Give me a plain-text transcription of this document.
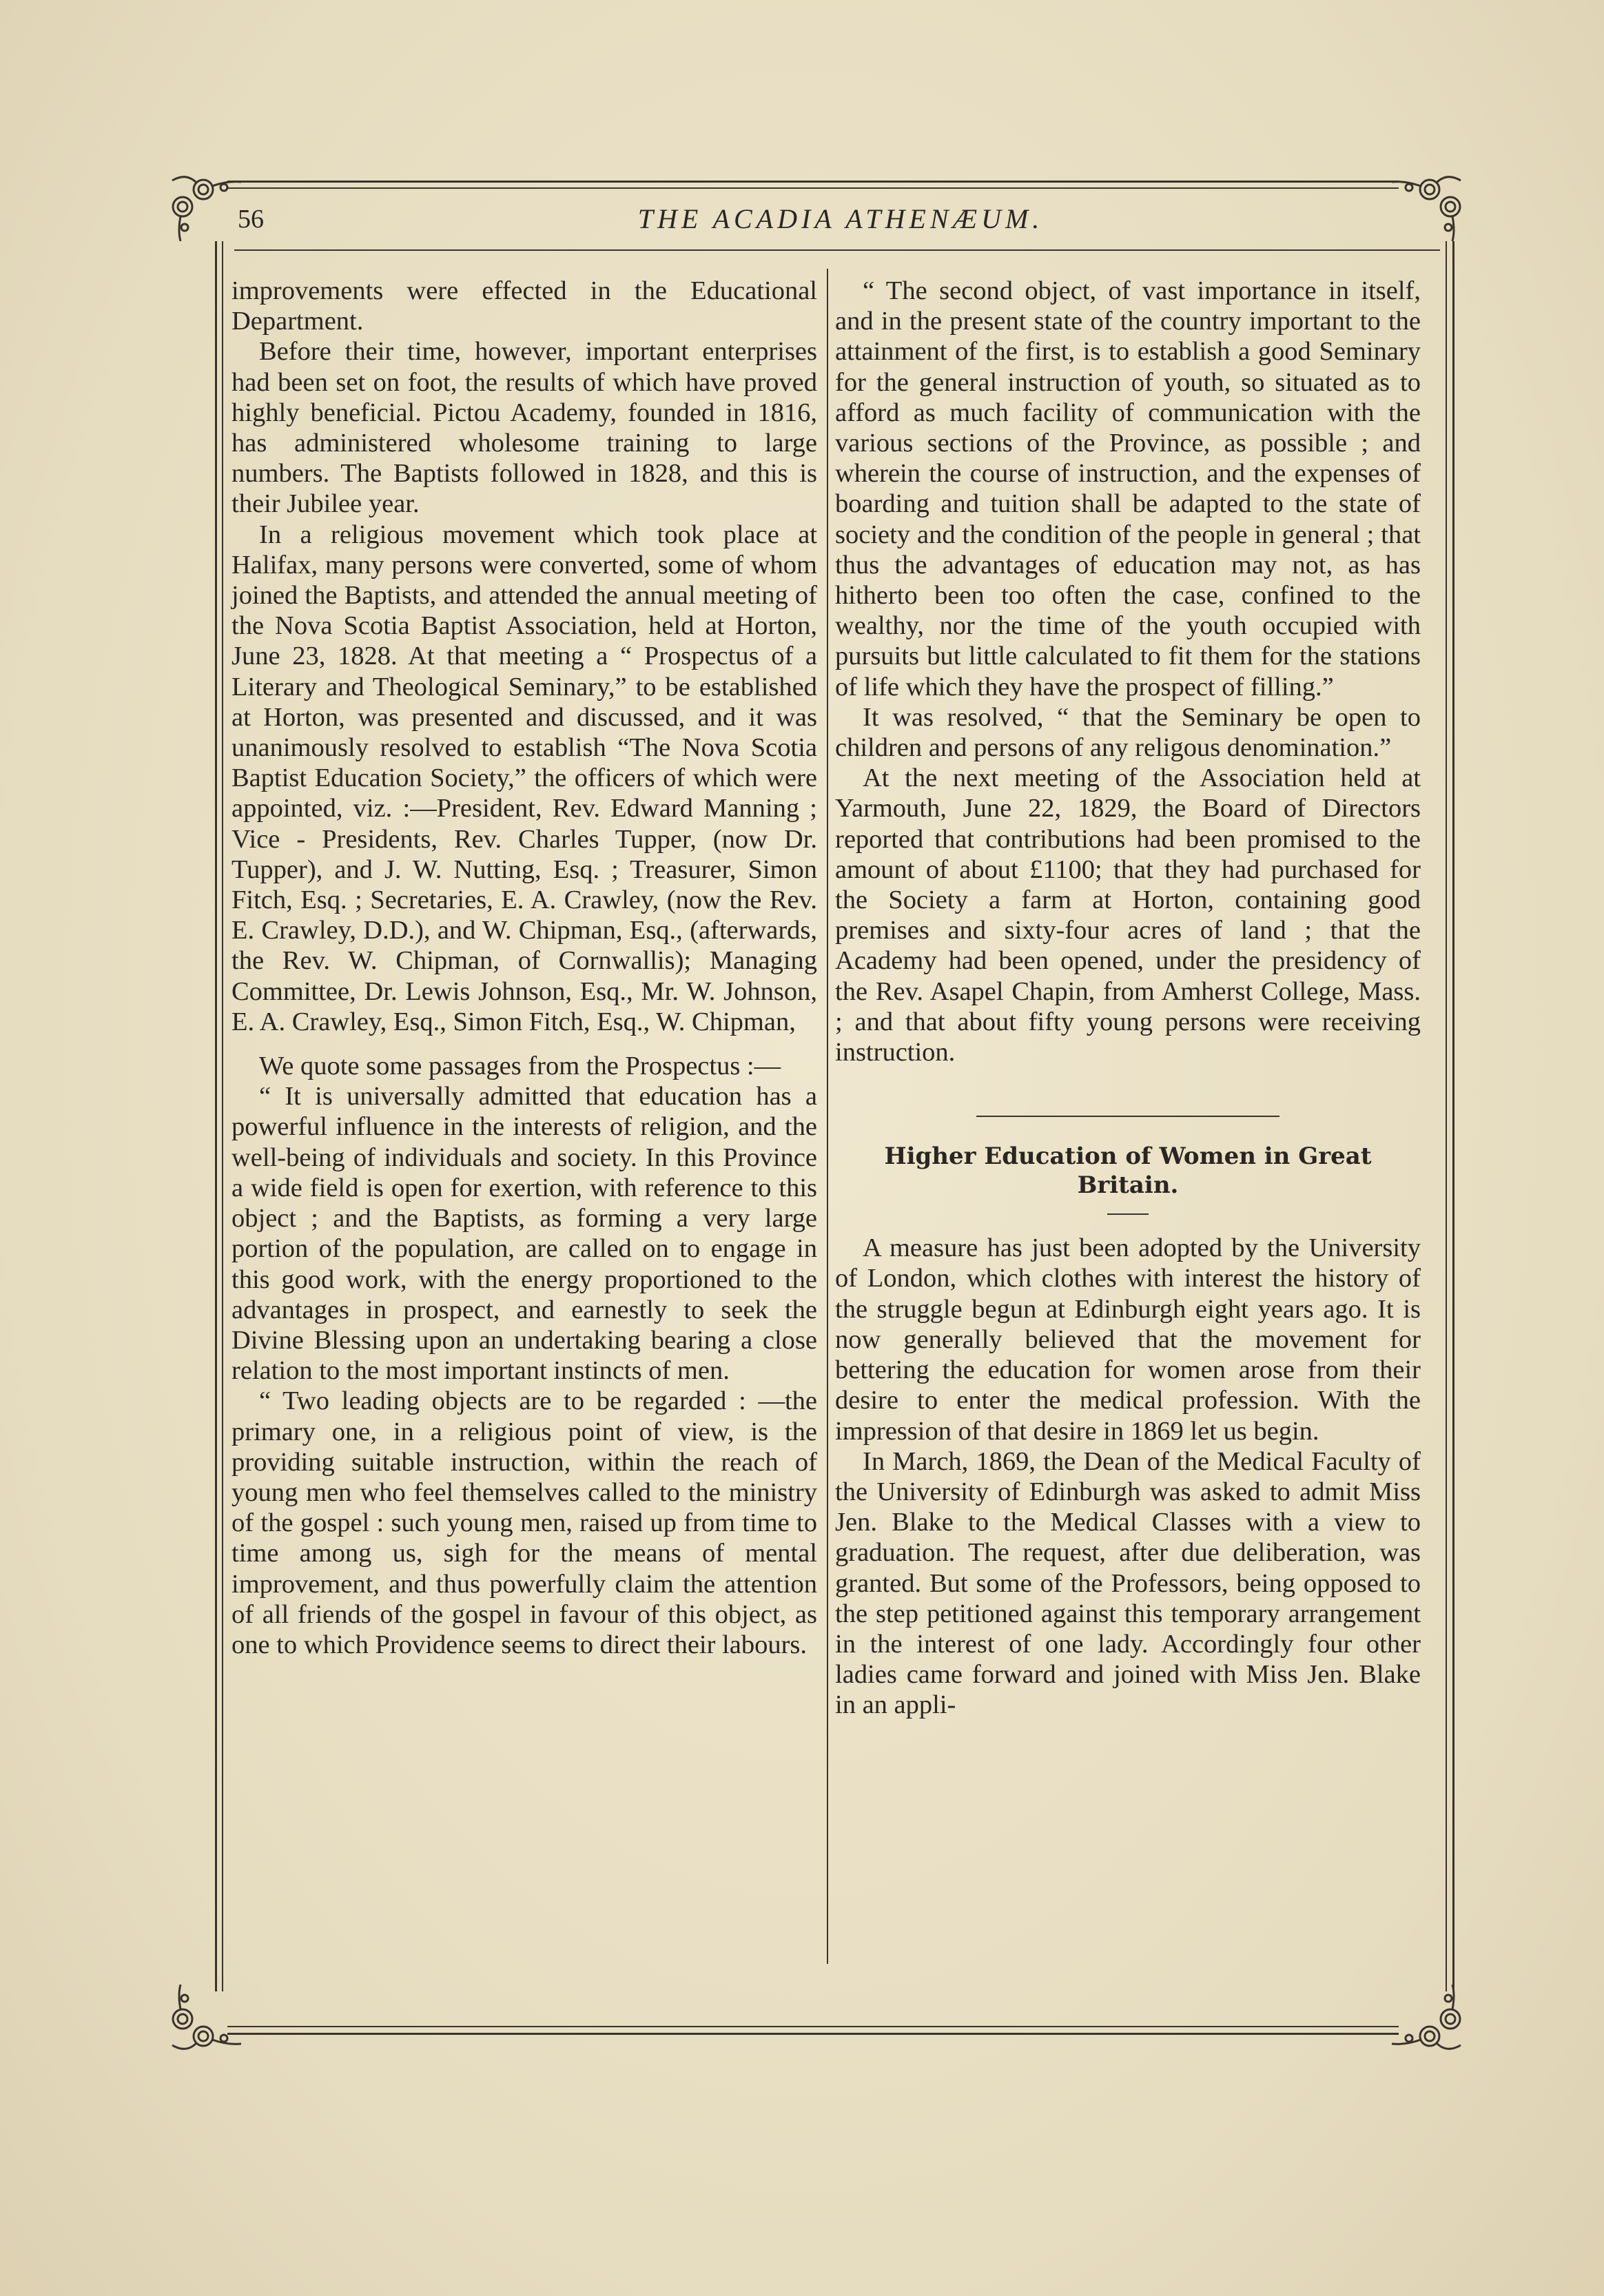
56	THE ACADIA ATHENÆUM.

improvements were effected in the Educational Department.

Before their time, however, important enterprises had been set on foot, the results of which have proved highly beneficial. Pictou Academy, founded in 1816, has administered wholesome training to large numbers. The Baptists followed in 1828, and this is their Jubilee year.

In a religious movement which took place at Halifax, many persons were converted, some of whom joined the Baptists, and attended the annual meeting of the Nova Scotia Baptist Association, held at Horton, June 23, 1828. At that meeting a “ Prospectus of a Literary and Theological Seminary,” to be established at Horton, was presented and discussed, and it was unanimously resolved to establish “The Nova Scotia Baptist Education Society,” the officers of which were appointed, viz. :—President, Rev. Edward Manning ; Vice - Presidents, Rev. Charles Tupper, (now Dr. Tupper), and J. W. Nutting, Esq. ; Treasurer, Simon Fitch, Esq. ; Secretaries, E. A. Crawley, (now the Rev. E. Crawley, D.D.), and W. Chipman, Esq., (afterwards, the Rev. W. Chipman, of Cornwallis); Managing Committee, Dr. Lewis Johnson, Esq., Mr. W. Johnson, E. A. Crawley, Esq., Simon Fitch, Esq., W. Chipman,

We quote some passages from the Prospectus :—

“ It is universally admitted that education has a powerful influence in the interests of religion, and the well-being of individuals and society. In this Province a wide field is open for exertion, with reference to this object ; and the Baptists, as forming a very large portion of the population, are called on to engage in this good work, with the energy proportioned to the advantages in prospect, and earnestly to seek the Divine Blessing upon an undertaking bearing a close relation to the most important instincts of men.

“ Two leading objects are to be regarded : —the primary one, in a religious point of view, is the providing suitable instruction, within the reach of young men who feel themselves called to the ministry of the gospel : such young men, raised up from time to time among us, sigh for the means of mental improvement, and thus powerfully claim the attention of all friends of the gospel in favour of this object, as one to which Providence seems to direct their labours.

“ The second object, of vast importance in itself, and in the present state of the country important to the attainment of the first, is to establish a good Seminary for the general instruction of youth, so situated as to afford as much facility of communication with the various sections of the Province, as possible ; and wherein the course of instruction, and the expenses of boarding and tuition shall be adapted to the state of society and the condition of the people in general ; that thus the advantages of education may not, as has hitherto been too often the case, confined to the wealthy, nor the time of the youth occupied with pursuits but little calculated to fit them for the stations of life which they have the prospect of filling.”

It was resolved, “ that the Seminary be open to children and persons of any religous denomination.”

At the next meeting of the Association held at Yarmouth, June 22, 1829, the Board of Directors reported that contributions had been promised to the amount of about £1100; that they had purchased for the Society a farm at Horton, containing good premises and sixty-four acres of land ; that the Academy had been opened, under the presidency of the Rev. Asapel Chapin, from Amherst College, Mass. ; and that about fifty young persons were receiving instruction.

Higher Education of Women in Great Britain.

A measure has just been adopted by the University of London, which clothes with interest the history of the struggle begun at Edinburgh eight years ago. It is now generally believed that the movement for bettering the education for women arose from their desire to enter the medical profession. With the impression of that desire in 1869 let us begin.

In March, 1869, the Dean of the Medical Faculty of the University of Edinburgh was asked to admit Miss Jen. Blake to the Medical Classes with a view to graduation. The request, after due deliberation, was granted. But some of the Professors, being opposed to the step petitioned against this temporary arrangement in the interest of one lady. Accordingly four other ladies came forward and joined with Miss Jen. Blake in an appli-
